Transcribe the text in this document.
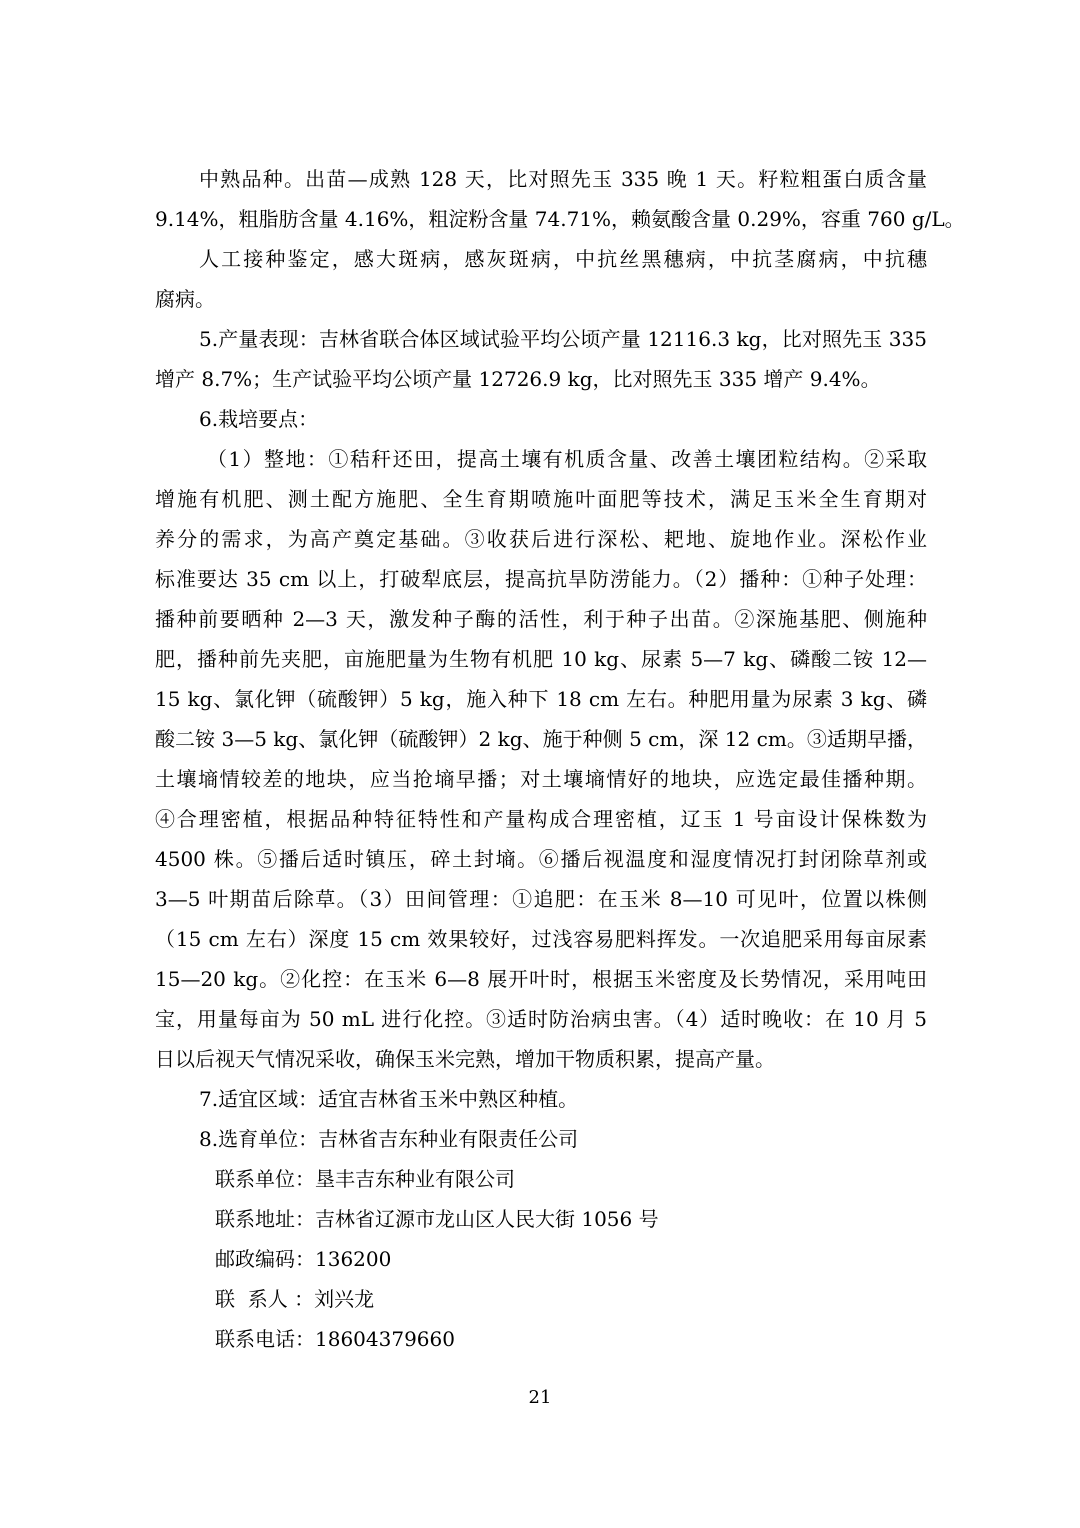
中熟品种。出苗—成熟 128 天，比对照先玉 335 晚 1 天。籽粒粗蛋白质含量
9.14%，粗脂肪含量 4.16%，粗淀粉含量 74.71%，赖氨酸含量 0.29%，容重 760 g/L。
人工接种鉴定，感大斑病，感灰斑病，中抗丝黑穗病，中抗茎腐病，中抗穗
腐病。
5.产量表现：吉林省联合体区域试验平均公顷产量 12116.3 kg，比对照先玉 335
增产 8.7%；生产试验平均公顷产量 12726.9 kg，比对照先玉 335 增产 9.4%。
6.栽培要点：
（1）整地：①秸秆还田，提高土壤有机质含量、改善土壤团粒结构。②采取
增施有机肥、测土配方施肥、全生育期喷施叶面肥等技术，满足玉米全生育期对
养分的需求，为高产奠定基础。③收获后进行深松、耙地、旋地作业。深松作业
标准要达 35 cm 以上，打破犁底层，提高抗旱防涝能力。（2）播种：①种子处理：
播种前要晒种 2—3 天，激发种子酶的活性，利于种子出苗。②深施基肥、侧施种
肥，播种前先夹肥，亩施肥量为生物有机肥 10 kg、尿素 5—7 kg、磷酸二铵 12—
15 kg、氯化钾（硫酸钾）5 kg，施入种下 18 cm 左右。种肥用量为尿素 3 kg、磷
酸二铵 3—5 kg、氯化钾（硫酸钾）2 kg、施于种侧 5 cm，深 12 cm。③适期早播，
土壤墒情较差的地块，应当抢墒早播；对土壤墒情好的地块，应选定最佳播种期。
④合理密植，根据品种特征特性和产量构成合理密植，辽玉 1 号亩设计保株数为
4500 株。⑤播后适时镇压，碎土封墒。⑥播后视温度和湿度情况打封闭除草剂或
3—5 叶期苗后除草。（3）田间管理：①追肥：在玉米 8—10 可见叶，位置以株侧
（15 cm 左右）深度 15 cm 效果较好，过浅容易肥料挥发。一次追肥采用每亩尿素
15—20 kg。②化控：在玉米 6—8 展开叶时，根据玉米密度及长势情况，采用吨田
宝，用量每亩为 50 mL 进行化控。③适时防治病虫害。（4）适时晚收：在 10 月 5
日以后视天气情况采收，确保玉米完熟，增加干物质积累，提高产量。
7.适宜区域：适宜吉林省玉米中熟区种植。
8.选育单位：吉林省吉东种业有限责任公司
联系单位：垦丰吉东种业有限公司
联系地址：吉林省辽源市龙山区人民大街 1056 号
邮政编码：136200
联  系人 ：刘兴龙
联系电话：18604379660
21
